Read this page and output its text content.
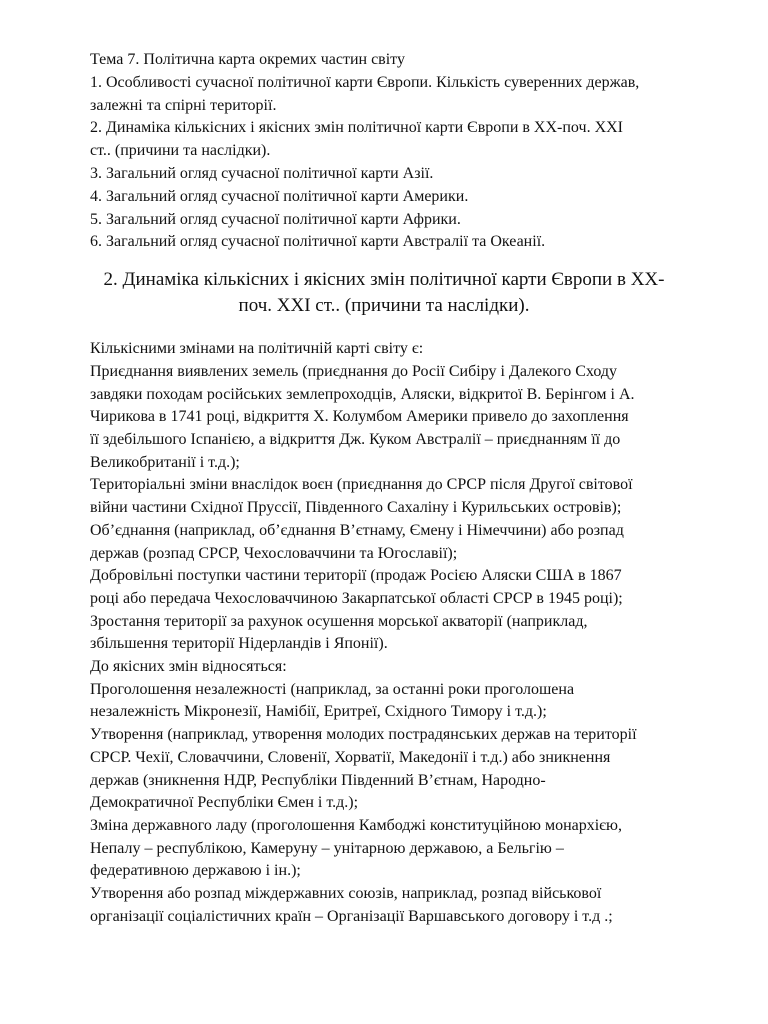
Тема 7. Політична карта окремих частин світу
1. Особливості сучасної політичної карти Європи. Кількість суверенних держав,
залежні та спірні території.
2. Динаміка кількісних і якісних змін політичної карти Європи в ХХ-поч. ХХІ
ст.. (причини та наслідки).
3. Загальний огляд сучасної політичної карти Азії.
4. Загальний огляд сучасної політичної карти Америки.
5. Загальний огляд сучасної політичної карти Африки.
6. Загальний огляд сучасної політичної карти Австралії та Океанії.
2. Динаміка кількісних і якісних змін політичної карти Європи в ХХ-
поч. ХХІ ст.. (причини та наслідки).
Кількісними змінами на політичній карті світу є:
Приєднання виявлених земель (приєднання до Росії Сибіру і Далекого Сходу
завдяки походам російських землепроходців, Аляски, відкритої В. Берінгом і А.
Чирикова в 1741 році, відкриття Х. Колумбом Америки привело до захоплення
її здебільшого Іспанією, а відкриття Дж. Куком Австралії – приєднанням її до
Великобританії і т.д.);
Територіальні зміни внаслідок воєн (приєднання до СРСР після Другої світової
війни частини Східної Пруссії, Південного Сахаліну і Курильських островів);
Об’єднання (наприклад, об’єднання В’єтнаму, Ємену і Німеччини) або розпад
держав (розпад СРСР, Чехословаччини та Югославії);
Добровільні поступки частини території (продаж Росією Аляски США в 1867
році або передача Чехословаччиною Закарпатської області СРСР в 1945 році);
Зростання території за рахунок осушення морської акваторії (наприклад,
збільшення території Нідерландів і Японії).
До якісних змін відносяться:
Проголошення незалежності (наприклад, за останні роки проголошена
незалежність Мікронезії, Намібії, Еритреї, Східного Тимору і т.д.);
Утворення (наприклад, утворення молодих пострадянських держав на території
СРСР. Чехії, Словаччини, Словенії, Хорватії, Македонії і т.д.) або зникнення
держав (зникнення НДР, Республіки Південний В’єтнам, Народно-
Демократичної Республіки Ємен і т.д.);
Зміна державного ладу (проголошення Камбоджі конституційною монархією,
Непалу – республікою, Камеруну – унітарною державою, а Бельгію –
федеративною державою і ін.);
Утворення або розпад міждержавних союзів, наприклад, розпад військової
організації соціалістичних країн – Організації Варшавського договору і т.д .;
